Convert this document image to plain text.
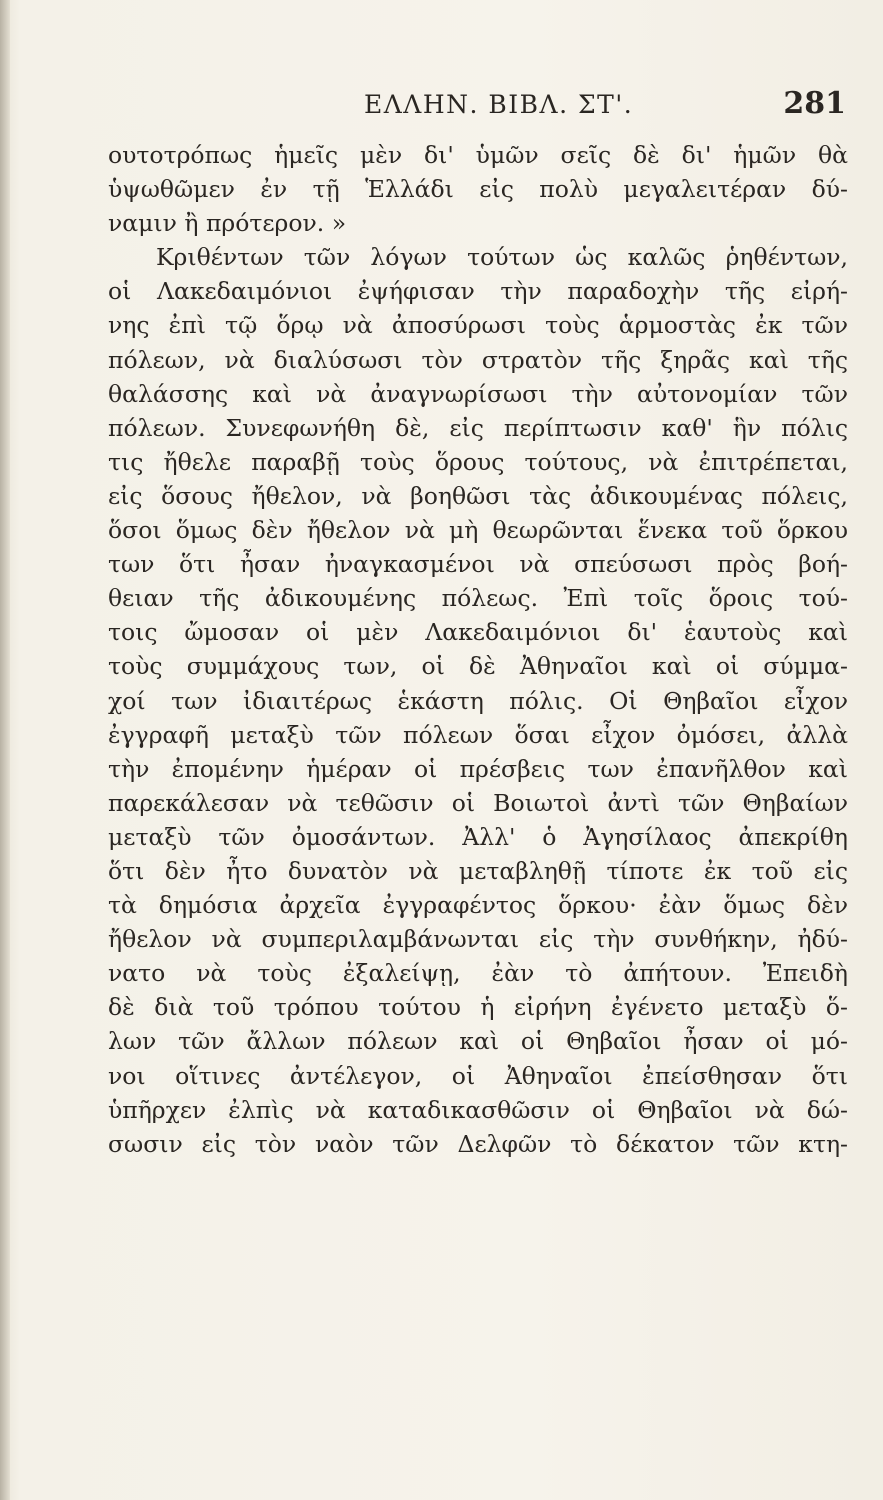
ΕΛΛΗΝ. ΒΙΒΛ. ΣΤ'.	281
ουτοτρόπως ἡμεῖς μὲν δι' ὑμῶν σεῖς δὲ δι' ἡμῶν θὰ
ὑψωθῶμεν ἐν τῇ Ἑλλάδι εἰς πολὺ μεγαλειτέραν δύ-
ναμιν ἢ πρότερον. »
Κριθέντων τῶν λόγων τούτων ὡς καλῶς ῥηθέντων,
οἱ Λακεδαιμόνιοι ἐψήφισαν τὴν παραδοχὴν τῆς εἰρή-
νης ἐπὶ τῷ ὅρῳ νὰ ἀποσύρωσι τοὺς ἁρμοστὰς ἐκ τῶν
πόλεων, νὰ διαλύσωσι τὸν στρατὸν τῆς ξηρᾶς καὶ τῆς
θαλάσσης καὶ νὰ ἀναγνωρίσωσι τὴν αὐτονομίαν τῶν
πόλεων. Συνεφωνήθη δὲ, εἰς περίπτωσιν καθ' ἣν πόλις
τις ἤθελε παραβῇ τοὺς ὅρους τούτους, νὰ ἐπιτρέπεται,
εἰς ὅσους ἤθελον, νὰ βοηθῶσι τὰς ἀδικουμένας πόλεις,
ὅσοι ὅμως δὲν ἤθελον νὰ μὴ θεωρῶνται ἕνεκα τοῦ ὅρκου
των ὅτι ἦσαν ἠναγκασμένοι νὰ σπεύσωσι πρὸς βοή-
θειαν τῆς ἀδικουμένης πόλεως. Ἐπὶ τοῖς ὅροις τού-
τοις ὤμοσαν οἱ μὲν Λακεδαιμόνιοι δι' ἑαυτοὺς καὶ
τοὺς συμμάχους των, οἱ δὲ Ἀθηναῖοι καὶ οἱ σύμμα-
χοί των ἰδιαιτέρως ἑκάστη πόλις. Οἱ Θηβαῖοι εἶχον
ἐγγραφῆ μεταξὺ τῶν πόλεων ὅσαι εἶχον ὀμόσει, ἀλλὰ
τὴν ἐπομένην ἡμέραν οἱ πρέσβεις των ἐπανῆλθον καὶ
παρεκάλεσαν νὰ τεθῶσιν οἱ Βοιωτοὶ ἀντὶ τῶν Θηβαίων
μεταξὺ τῶν ὀμοσάντων. Ἀλλ' ὁ Ἀγησίλαος ἀπεκρίθη
ὅτι δὲν ἦτο δυνατὸν νὰ μεταβληθῇ τίποτε ἐκ τοῦ εἰς
τὰ δημόσια ἀρχεῖα ἐγγραφέντος ὅρκου· ἐὰν ὅμως δὲν
ἤθελον νὰ συμπεριλαμβάνωνται εἰς τὴν συνθήκην, ἠδύ-
νατο νὰ τοὺς ἐξαλείψῃ, ἐὰν τὸ ἀπήτουν. Ἐπειδὴ
δὲ διὰ τοῦ τρόπου τούτου ἡ εἰρήνη ἐγένετο μεταξὺ ὅ-
λων τῶν ἄλλων πόλεων καὶ οἱ Θηβαῖοι ἦσαν οἱ μό-
νοι οἵτινες ἀντέλεγον, οἱ Ἀθηναῖοι ἐπείσθησαν ὅτι
ὑπῆρχεν ἐλπὶς νὰ καταδικασθῶσιν οἱ Θηβαῖοι νὰ δώ-
σωσιν εἰς τὸν ναὸν τῶν Δελφῶν τὸ δέκατον τῶν κτη-
